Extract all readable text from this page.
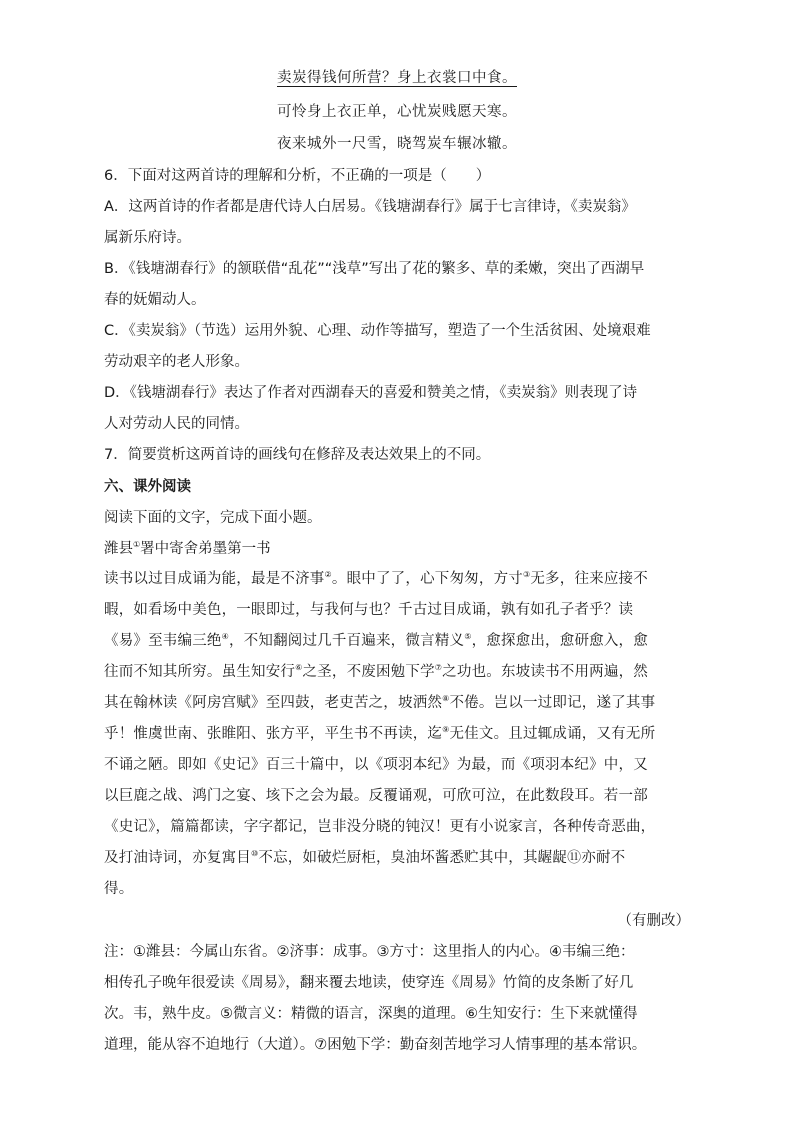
卖炭得钱何所营？身上衣裳口中食。
可怜身上衣正单，心忧炭贱愿天寒。
夜来城外一尺雪，晓驾炭车辗冰辙。
6．下面对这两首诗的理解和分析，不正确的一项是（　　）
A．这两首诗的作者都是唐代诗人白居易。《钱塘湖春行》属于七言律诗，《卖炭翁》
属新乐府诗。
B．《钱塘湖春行》的颔联借“乱花”“浅草”写出了花的繁多、草的柔嫩，突出了西湖早
春的妩媚动人。
C．《卖炭翁》（节选）运用外貌、心理、动作等描写，塑造了一个生活贫困、处境艰难
劳动艰辛的老人形象。
D．《钱塘湖春行》表达了作者对西湖春天的喜爱和赞美之情，《卖炭翁》则表现了诗
人对劳动人民的同情。
7．简要赏析这两首诗的画线句在修辞及表达效果上的不同。
六、课外阅读
阅读下面的文字，完成下面小题。
潍县①署中寄舍弟墨第一书
读书以过目成诵为能，最是不济事②。眼中了了，心下匆匆，方寸③无多，往来应接不
暇，如看场中美色，一眼即过，与我何与也？千古过目成诵，孰有如孔子者乎？读
《易》至韦编三绝④，不知翻阅过几千百遍来，微言精义⑤，愈探愈出，愈研愈入，愈
往而不知其所穷。虽生知安行⑥之圣，不废困勉下学⑦之功也。东坡读书不用两遍，然
其在翰林读《阿房宫赋》至四鼓，老吏苦之，坡洒然⑧不倦。岂以一过即记，遂了其事
乎！惟虞世南、张睢阳、张方平，平生书不再读，迄⑨无佳文。且过辄成诵，又有无所
不诵之陋。即如《史记》百三十篇中，以《项羽本纪》为最，而《项羽本纪》中，又
以巨鹿之战、鸿门之宴、垓下之会为最。反覆诵观，可欣可泣，在此数段耳。若一部
《史记》，篇篇都读，字字都记，岂非没分晓的钝汉！更有小说家言，各种传奇恶曲，
及打油诗词，亦复寓目⑩不忘，如破烂厨柜，臭油坏酱悉贮其中，其龌龊⑪亦耐不
得。
（有删改）
注：①潍县：今属山东省。②济事：成事。③方寸：这里指人的内心。④韦编三绝：
相传孔子晚年很爱读《周易》，翻来覆去地读，使穿连《周易》竹简的皮条断了好几
次。韦，熟牛皮。⑤微言义：精微的语言，深奥的道理。⑥生知安行：生下来就懂得
道理，能从容不迫地行（大道）。⑦困勉下学：勤奋刻苦地学习人情事理的基本常识。
